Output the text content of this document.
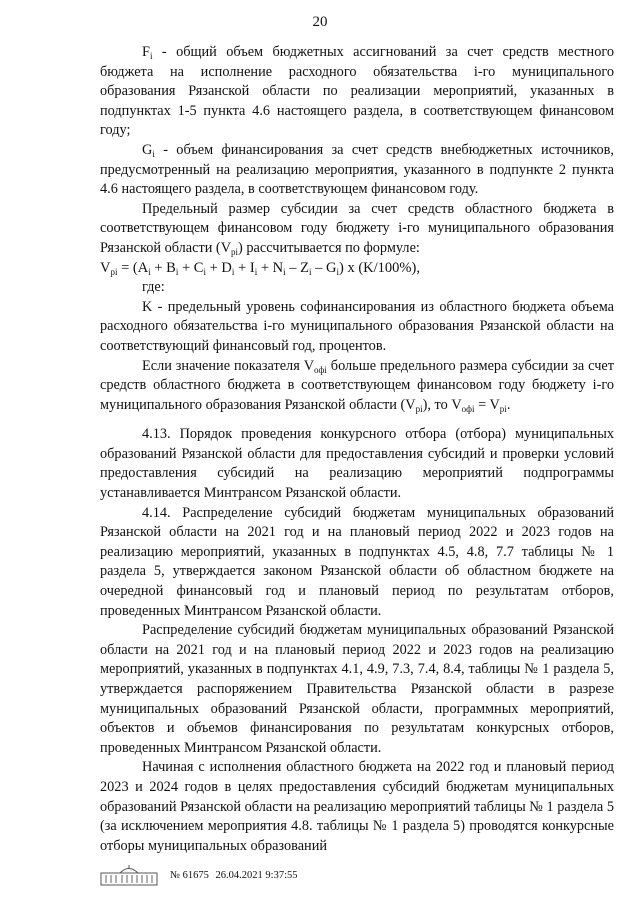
20

$F_i$ - общий объем бюджетных ассигнований за счет средств местного бюджета на исполнение расходного обязательства i-го муниципального образования Рязанской области по реализации мероприятий, указанных в подпунктах 1-5 пункта 4.6 настоящего раздела, в соответствующем финансовом году;

$G_i$ - объем финансирования за счет средств внебюджетных источников, предусмотренный на реализацию мероприятия, указанного в подпункте 2 пункта 4.6 настоящего раздела, в соответствующем финансовом году.

Предельный размер субсидии за счет средств областного бюджета в соответствующем финансовом году бюджету i-го муниципального образования Рязанской области $(V_{pi})$ рассчитывается по формуле:

$V_{pi} = (A_i + B_i + C_i + D_i + I_i + N_i - Z_i - G_i)$ x (K/100%),

где:

K - предельный уровень софинансирования из областного бюджета объема расходного обязательства i-го муниципального образования Рязанской области на соответствующий финансовый год, процентов.

Если значение показателя $V_{офi}$ больше предельного размера субсидии за счет средств областного бюджета в соответствующем финансовом году бюджету i-го муниципального образования Рязанской области $(V_{pi})$, то $V_{офi} = V_{pi}$.

4.13. Порядок проведения конкурсного отбора (отбора) муниципальных образований Рязанской области для предоставления субсидий и проверки условий предоставления субсидий на реализацию мероприятий подпрограммы устанавливается Минтрансом Рязанской области.

4.14. Распределение субсидий бюджетам муниципальных образований Рязанской области на 2021 год и на плановый период 2022 и 2023 годов на реализацию мероприятий, указанных в подпунктах 4.5, 4.8, 7.7 таблицы № 1 раздела 5, утверждается законом Рязанской области об областном бюджете на очередной финансовый год и плановый период по результатам отборов, проведенных Минтрансом Рязанской области.

Распределение субсидий бюджетам муниципальных образований Рязанской области на 2021 год и на плановый период 2022 и 2023 годов на реализацию мероприятий, указанных в подпунктах 4.1, 4.9, 7.3, 7.4, 8.4, таблицы № 1 раздела 5, утверждается распоряжением Правительства Рязанской области в разрезе муниципальных образований Рязанской области, программных мероприятий, объектов и объемов финансирования по результатам конкурсных отборов, проведенных Минтрансом Рязанской области.

Начиная с исполнения областного бюджета на 2022 год и плановый период 2023 и 2024 годов в целях предоставления субсидий бюджетам муниципальных образований Рязанской области на реализацию мероприятий таблицы № 1 раздела 5 (за исключением мероприятия 4.8. таблицы № 1 раздела 5) проводятся конкурсные отборы муниципальных образований

№ 61675 26.04.2021 9:37:55
